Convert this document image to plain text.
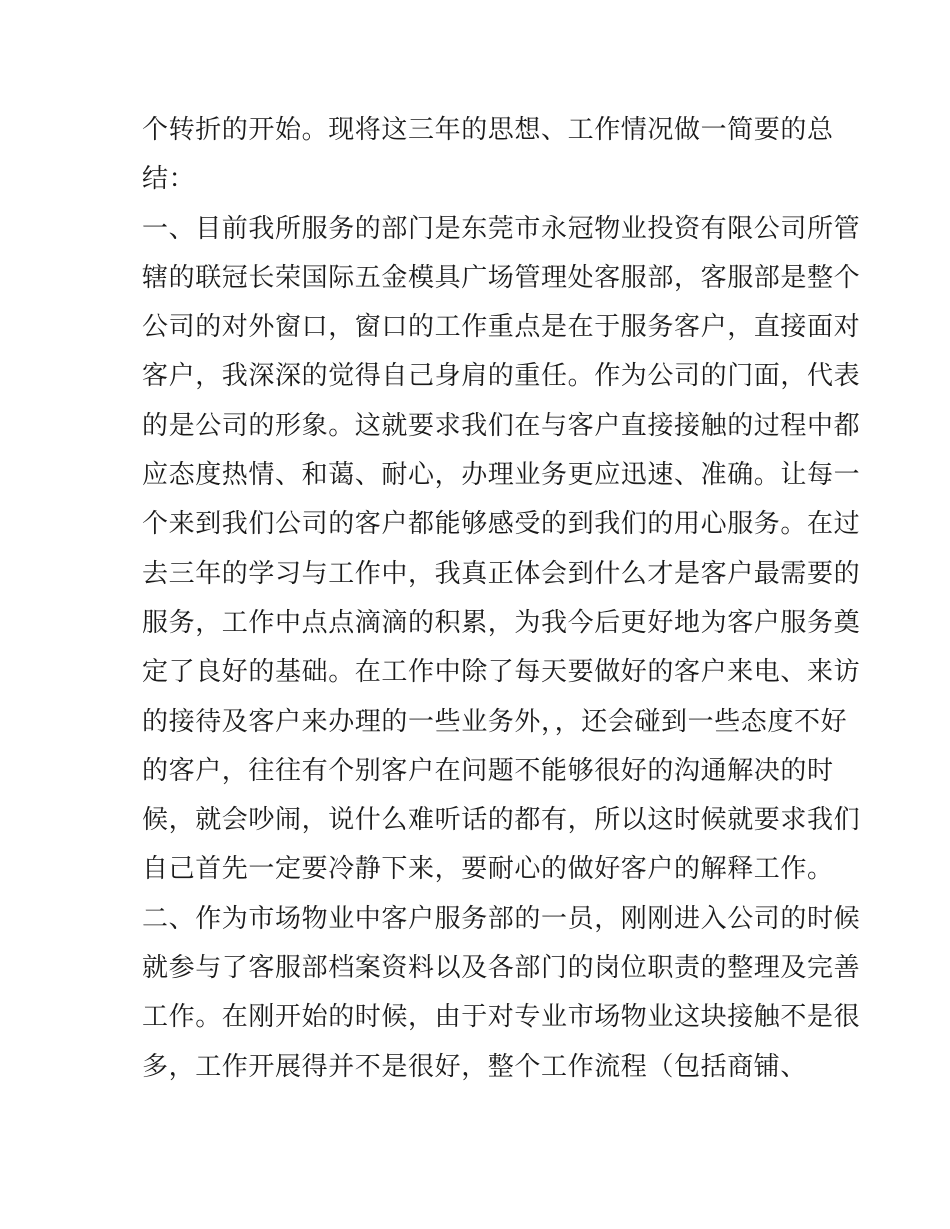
个转折的开始。现将这三年的思想、工作情况做一简要的总
结：
一、目前我所服务的部门是东莞市永冠物业投资有限公司所管
辖的联冠长荣国际五金模具广场管理处客服部，客服部是整个
公司的对外窗口，窗口的工作重点是在于服务客户，直接面对
客户，我深深的觉得自己身肩的重任。作为公司的门面，代表
的是公司的形象。这就要求我们在与客户直接接触的过程中都
应态度热情、和蔼、耐心，办理业务更应迅速、准确。让每一
个来到我们公司的客户都能够感受的到我们的用心服务。在过
去三年的学习与工作中，我真正体会到什么才是客户最需要的
服务，工作中点点滴滴的积累，为我今后更好地为客户服务奠
定了良好的基础。在工作中除了每天要做好的客户来电、来访
的接待及客户来办理的一些业务外，，还会碰到一些态度不好
的客户，往往有个别客户在问题不能够很好的沟通解决的时
候，就会吵闹，说什么难听话的都有，所以这时候就要求我们
自己首先一定要冷静下来，要耐心的做好客户的解释工作。
二、作为市场物业中客户服务部的一员，刚刚进入公司的时候
就参与了客服部档案资料以及各部门的岗位职责的整理及完善
工作。在刚开始的时候，由于对专业市场物业这块接触不是很
多，工作开展得并不是很好，整个工作流程（包括商铺、
